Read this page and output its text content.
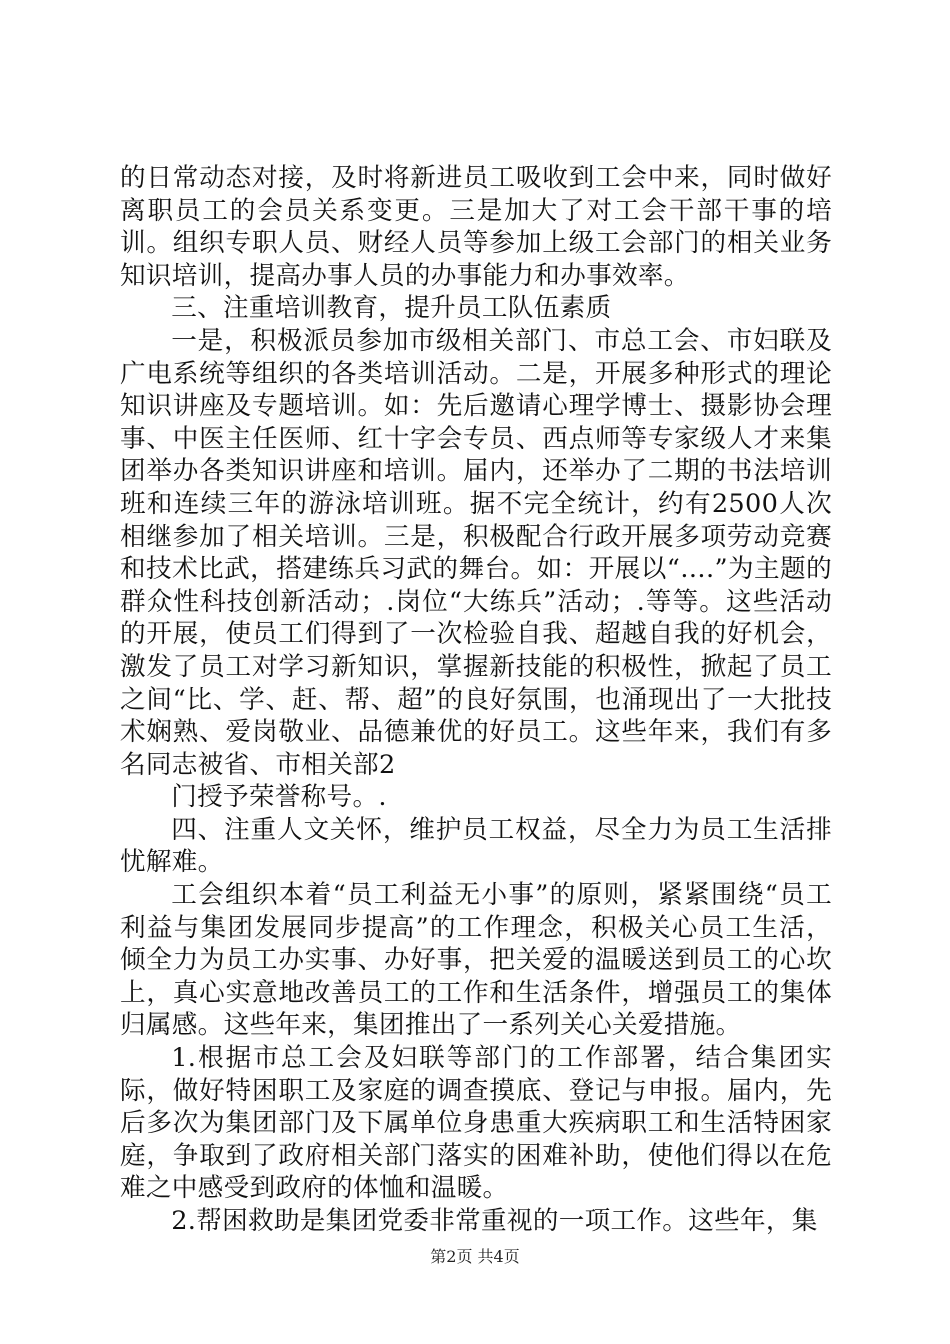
的日常动态对接，及时将新进员工吸收到工会中来，同时做好离职员工的会员关系变更。三是加大了对工会干部干事的培训。组织专职人员、财经人员等参加上级工会部门的相关业务知识培训，提高办事人员的办事能力和办事效率。

三、注重培训教育，提升员工队伍素质

一是，积极派员参加市级相关部门、市总工会、市妇联及广电系统等组织的各类培训活动。二是，开展多种形式的理论知识讲座及专题培训。如：先后邀请心理学博士、摄影协会理事、中医主任医师、红十字会专员、西点师等专家级人才来集团举办各类知识讲座和培训。届内，还举办了二期的书法培训班和连续三年的游泳培训班。据不完全统计，约有2500人次相继参加了相关培训。三是，积极配合行政开展多项劳动竞赛和技术比武，搭建练兵习武的舞台。如：开展以“….”为主题的群众性科技创新活动；.岗位“大练兵”活动；.等等。这些活动的开展，使员工们得到了一次检验自我、超越自我的好机会，激发了员工对学习新知识，掌握新技能的积极性，掀起了员工之间“比、学、赶、帮、超”的良好氛围，也涌现出了一大批技术娴熟、爱岗敬业、品德兼优的好员工。这些年来，我们有多名同志被省、市相关部2

门授予荣誉称号。.

四、注重人文关怀，维护员工权益，尽全力为员工生活排忧解难。

工会组织本着“员工利益无小事”的原则，紧紧围绕“员工利益与集团发展同步提高”的工作理念，积极关心员工生活，倾全力为员工办实事、办好事，把关爱的温暖送到员工的心坎上，真心实意地改善员工的工作和生活条件，增强员工的集体归属感。这些年来，集团推出了一系列关心关爱措施。

1.根据市总工会及妇联等部门的工作部署，结合集团实际，做好特困职工及家庭的调查摸底、登记与申报。届内，先后多次为集团部门及下属单位身患重大疾病职工和生活特困家庭，争取到了政府相关部门落实的困难补助，使他们得以在危难之中感受到政府的体恤和温暖。

2.帮困救助是集团党委非常重视的一项工作。这些年，集

第2页 共4页
